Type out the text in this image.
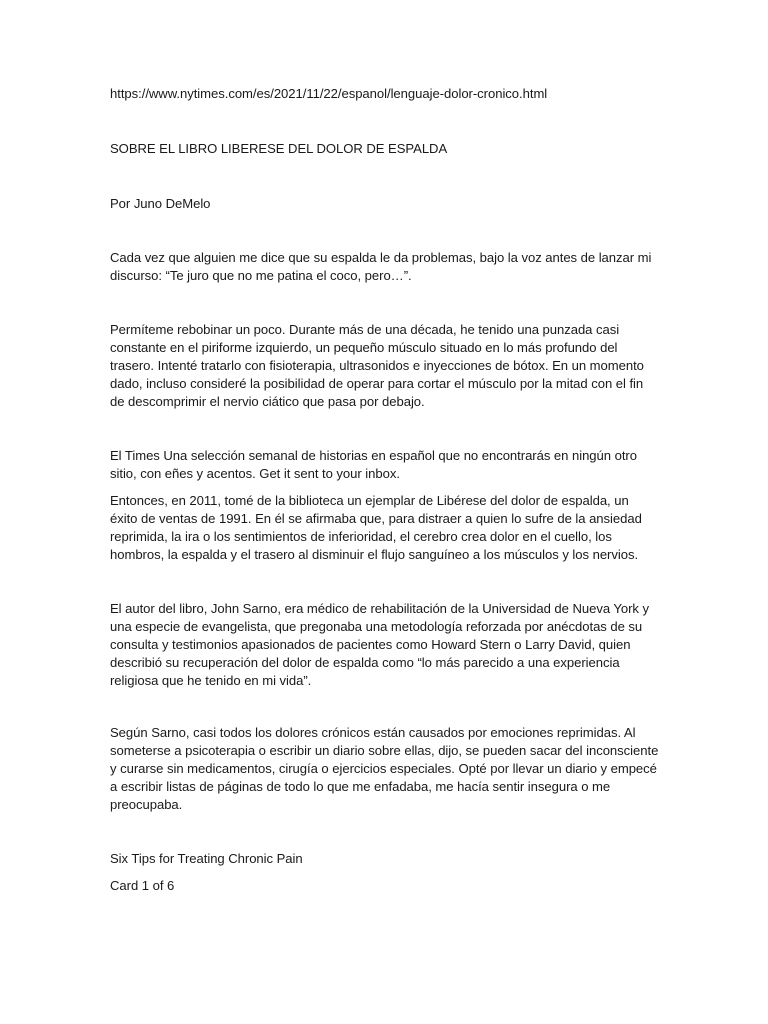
https://www.nytimes.com/es/2021/11/22/espanol/lenguaje-dolor-cronico.html

SOBRE EL LIBRO LIBERESE DEL DOLOR DE ESPALDA

Por Juno DeMelo

Cada vez que alguien me dice que su espalda le da problemas, bajo la voz antes de lanzar mi
discurso: “Te juro que no me patina el coco, pero…”.

Permíteme rebobinar un poco. Durante más de una década, he tenido una punzada casi
constante en el piriforme izquierdo, un pequeño músculo situado en lo más profundo del
trasero. Intenté tratarlo con fisioterapia, ultrasonidos e inyecciones de bótox. En un momento
dado, incluso consideré la posibilidad de operar para cortar el músculo por la mitad con el fin
de descomprimir el nervio ciático que pasa por debajo.

El Times Una selección semanal de historias en español que no encontrarás en ningún otro
sitio, con eñes y acentos. Get it sent to your inbox.

Entonces, en 2011, tomé de la biblioteca un ejemplar de Libérese del dolor de espalda, un
éxito de ventas de 1991. En él se afirmaba que, para distraer a quien lo sufre de la ansiedad
reprimida, la ira o los sentimientos de inferioridad, el cerebro crea dolor en el cuello, los
hombros, la espalda y el trasero al disminuir el flujo sanguíneo a los músculos y los nervios.

El autor del libro, John Sarno, era médico de rehabilitación de la Universidad de Nueva York y
una especie de evangelista, que pregonaba una metodología reforzada por anécdotas de su
consulta y testimonios apasionados de pacientes como Howard Stern o Larry David, quien
describió su recuperación del dolor de espalda como “lo más parecido a una experiencia
religiosa que he tenido en mi vida”.

Según Sarno, casi todos los dolores crónicos están causados por emociones reprimidas. Al
someterse a psicoterapia o escribir un diario sobre ellas, dijo, se pueden sacar del inconsciente
y curarse sin medicamentos, cirugía o ejercicios especiales. Opté por llevar un diario y empecé
a escribir listas de páginas de todo lo que me enfadaba, me hacía sentir insegura o me
preocupaba.

Six Tips for Treating Chronic Pain

Card 1 of 6
